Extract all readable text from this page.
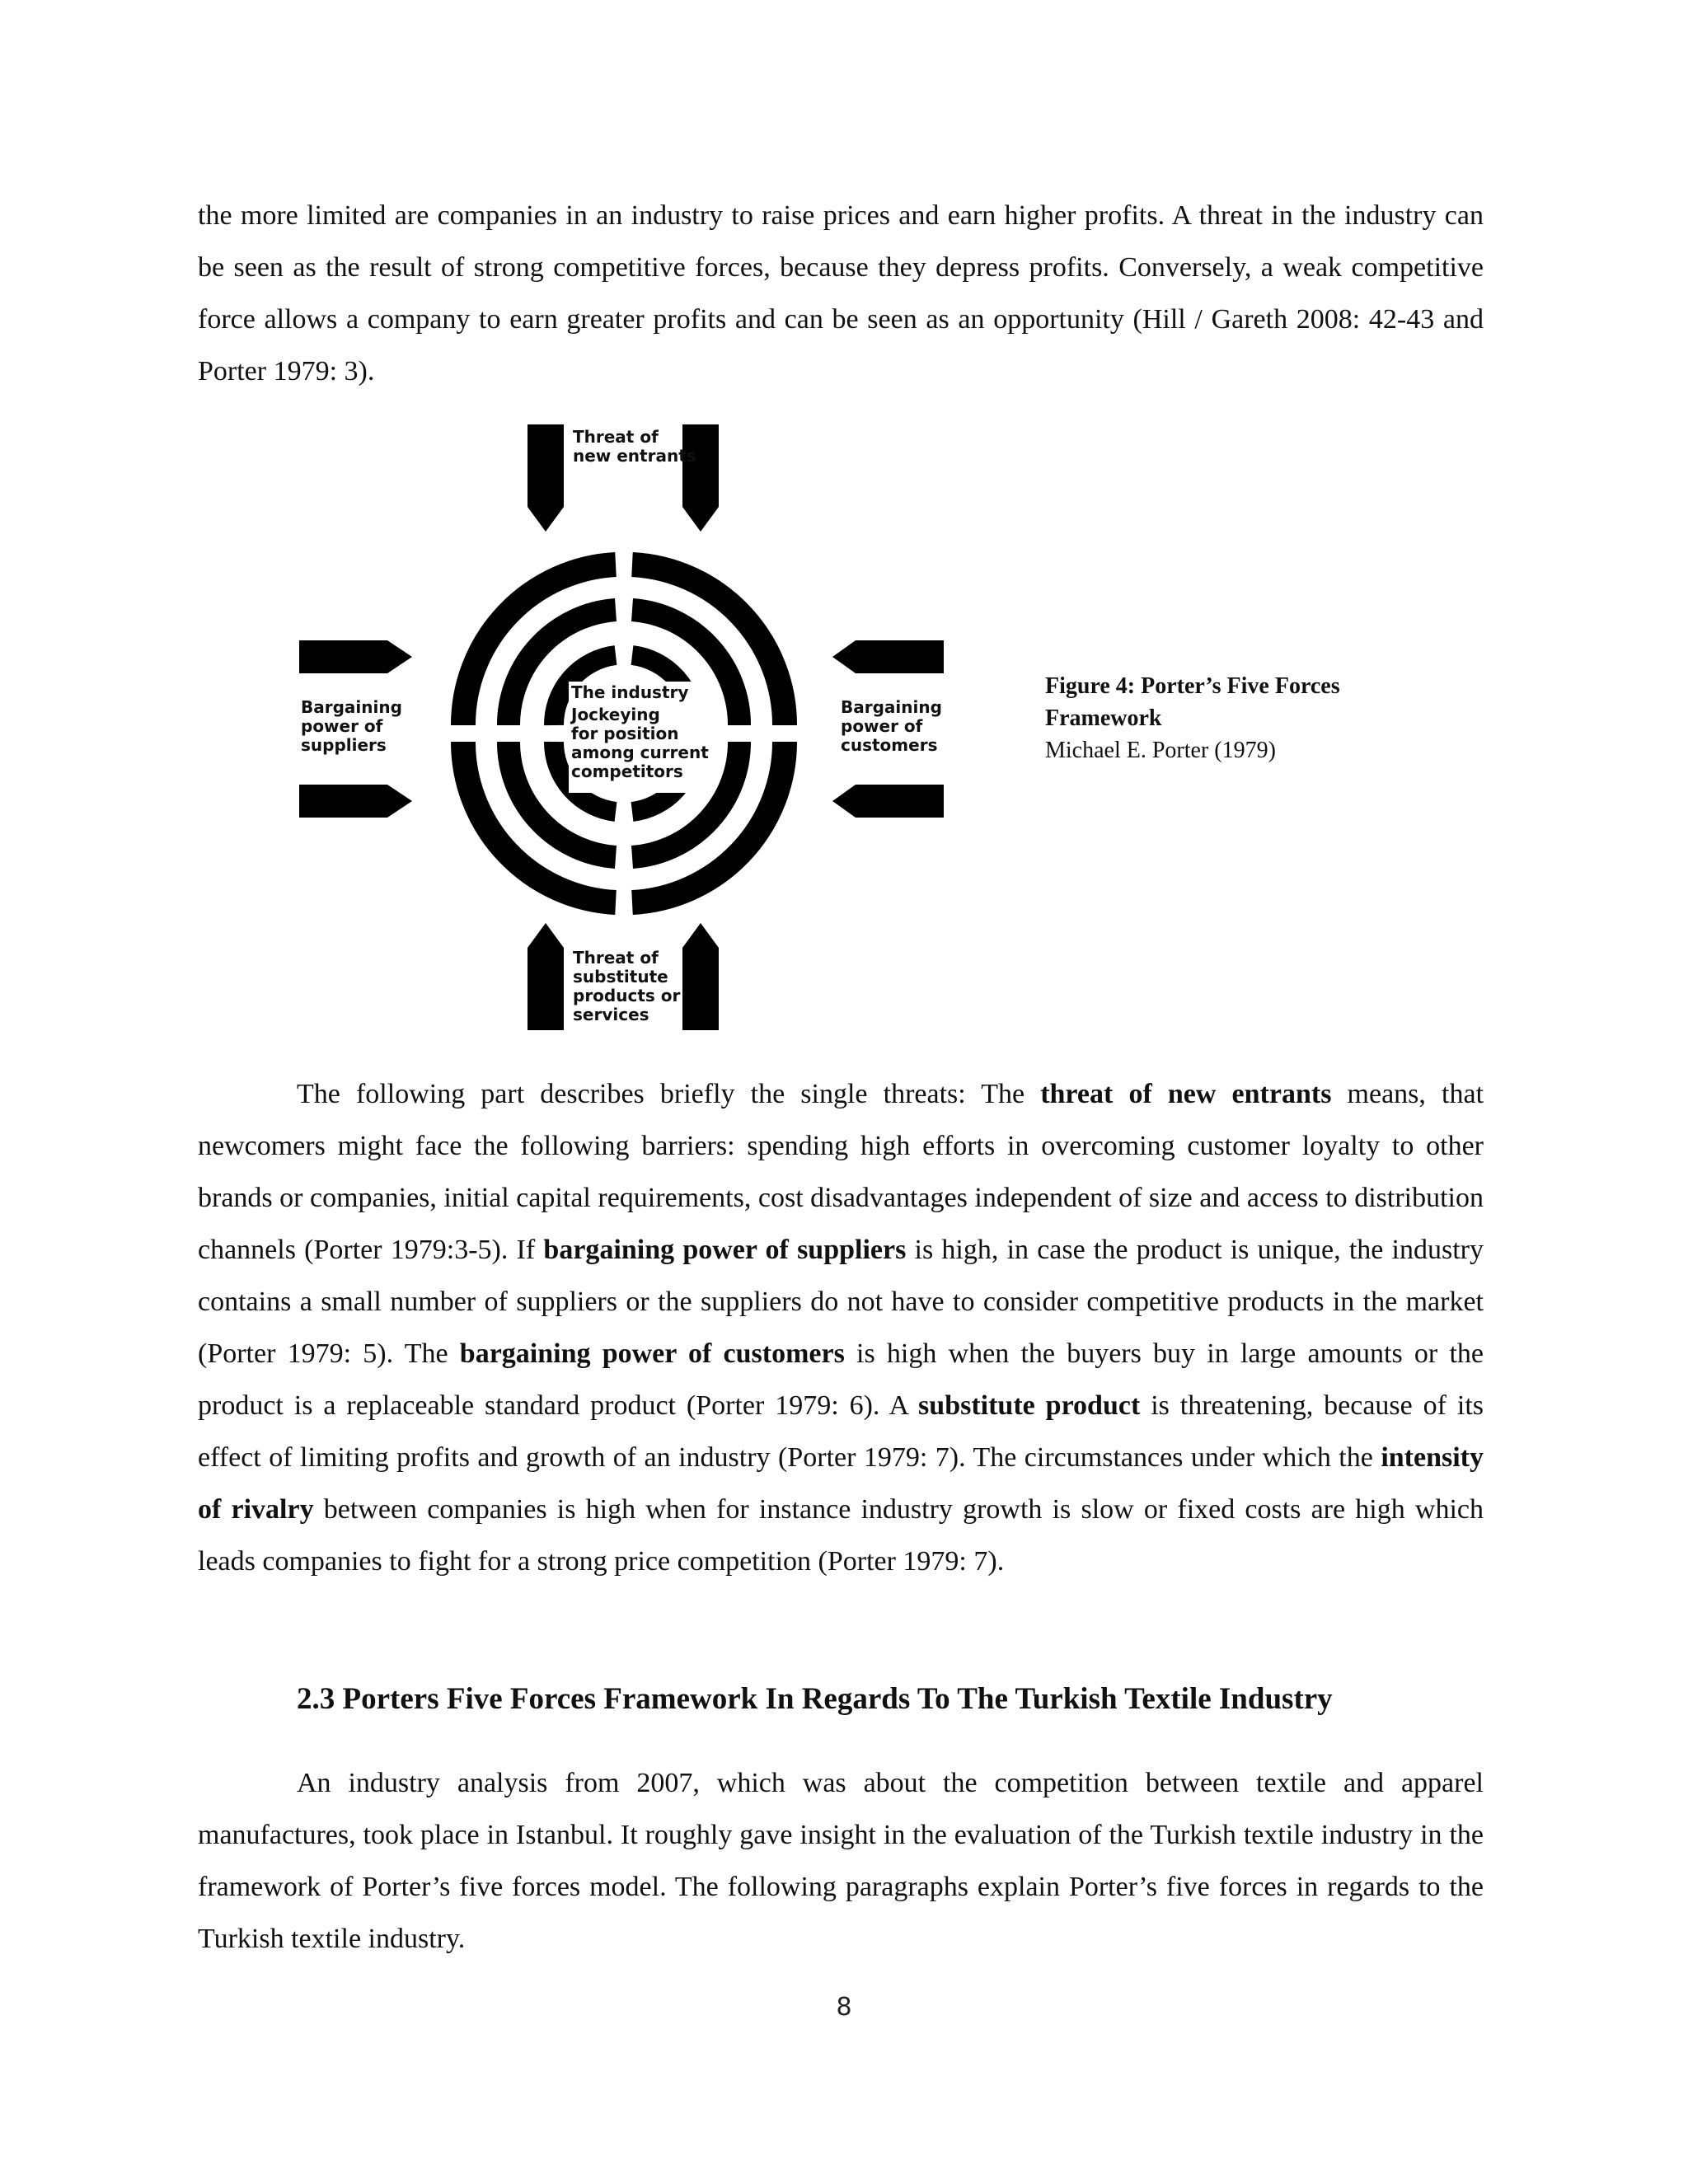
the more limited are companies in an industry to raise prices and earn higher profits. A threat in the industry can be seen as the result of strong competitive forces, because they depress profits. Conversely, a weak competitive force allows a company to earn greater profits and can be seen as an opportunity (Hill / Gareth 2008: 42-43 and Porter 1979: 3).

Threat of
new entrants
Bargaining
power of
suppliers
Bargaining
power of
customers
The industry
Jockeying
for position
among current
competitors
Threat of
substitute
products or
services
Figure 4: Porter’s Five Forces Framework
Michael E. Porter (1979)

The following part describes briefly the single threats: The threat of new entrants means, that newcomers might face the following barriers: spending high efforts in overcoming customer loyalty to other brands or companies, initial capital requirements, cost disadvantages independent of size and access to distribution channels (Porter 1979:3-5). If bargaining power of suppliers is high, in case the product is unique, the industry contains a small number of suppliers or the suppliers do not have to consider competitive products in the market (Porter 1979: 5). The bargaining power of customers is high when the buyers buy in large amounts or the product is a replaceable standard product (Porter 1979: 6). A substitute product is threatening, because of its effect of limiting profits and growth of an industry (Porter 1979: 7). The circumstances under which the intensity of rivalry between companies is high when for instance industry growth is slow or fixed costs are high which leads companies to fight for a strong price competition (Porter 1979: 7).

2.3 Porters Five Forces Framework In Regards To The Turkish Textile Industry

An industry analysis from 2007, which was about the competition between textile and apparel manufactures, took place in Istanbul. It roughly gave insight in the evaluation of the Turkish textile industry in the framework of Porter’s five forces model. The following paragraphs explain Porter’s five forces in regards to the Turkish textile industry.

8
